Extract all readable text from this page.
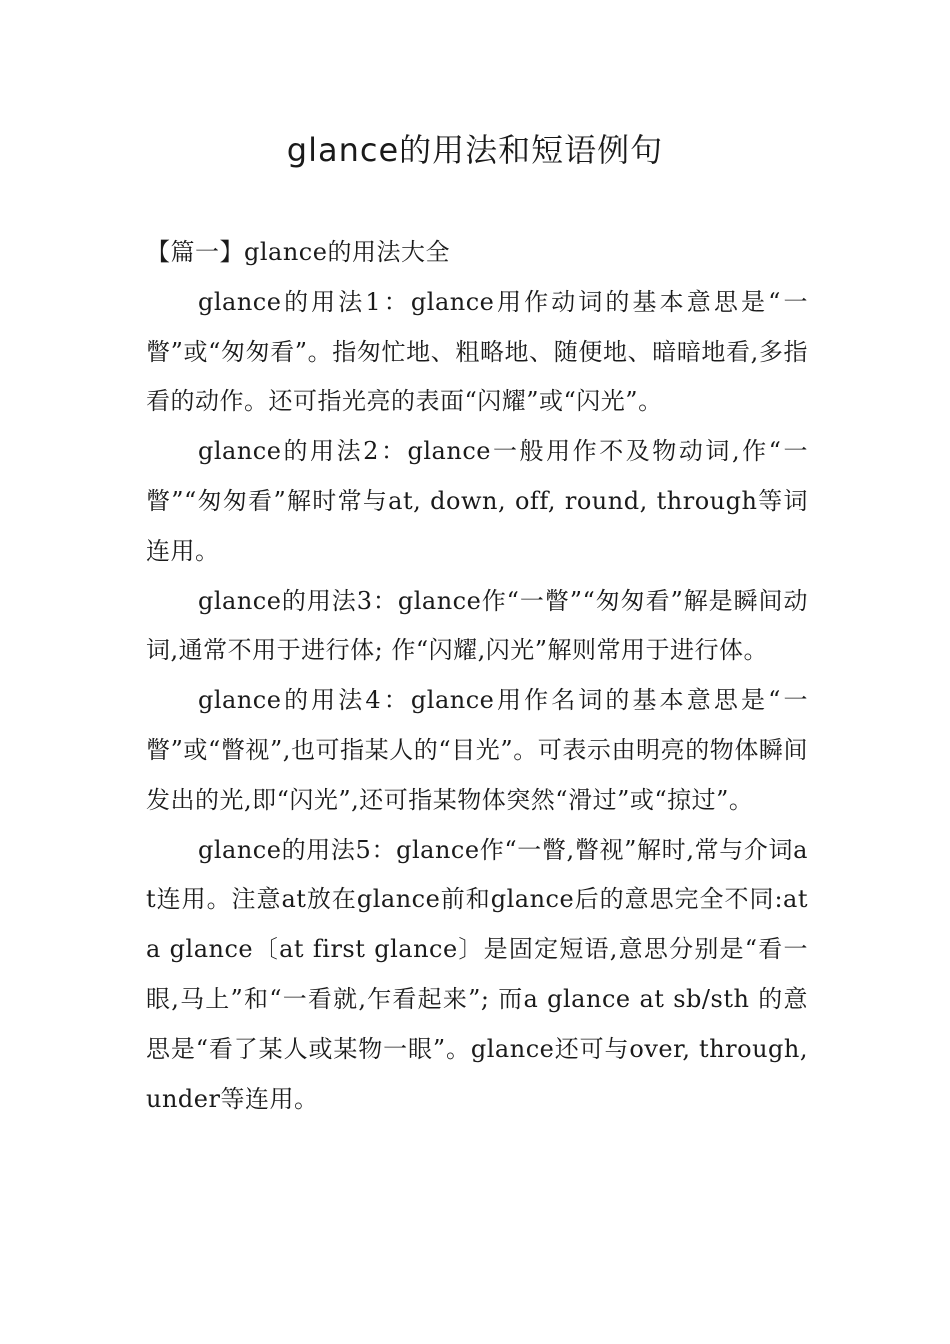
glance的用法和短语例句

【篇一】glance的用法大全

glance的用法1：glance用作动词的基本意思是“一瞥”或“匆匆看”。指匆忙地、粗略地、随便地、暗暗地看,多指看的动作。还可指光亮的表面“闪耀”或“闪光”。

glance的用法2：glance一般用作不及物动词,作“一瞥”“匆匆看”解时常与at, down, off, round, through等词连用。

glance的用法3：glance作“一瞥”“匆匆看”解是瞬间动词,通常不用于进行体; 作“闪耀,闪光”解则常用于进行体。

glance的用法4：glance用作名词的基本意思是“一瞥”或“瞥视”,也可指某人的“目光”。可表示由明亮的物体瞬间发出的光,即“闪光”,还可指某物体突然“滑过”或“掠过”。

glance的用法5：glance作“一瞥,瞥视”解时,常与介词at连用。注意at放在glance前和glance后的意思完全不同:at a glance〔at first glance〕是固定短语,意思分别是“看一眼,马上”和“一看就,乍看起来”; 而a glance at sb/sth 的意思是“看了某人或某物一眼”。glance还可与over, through, under等连用。
